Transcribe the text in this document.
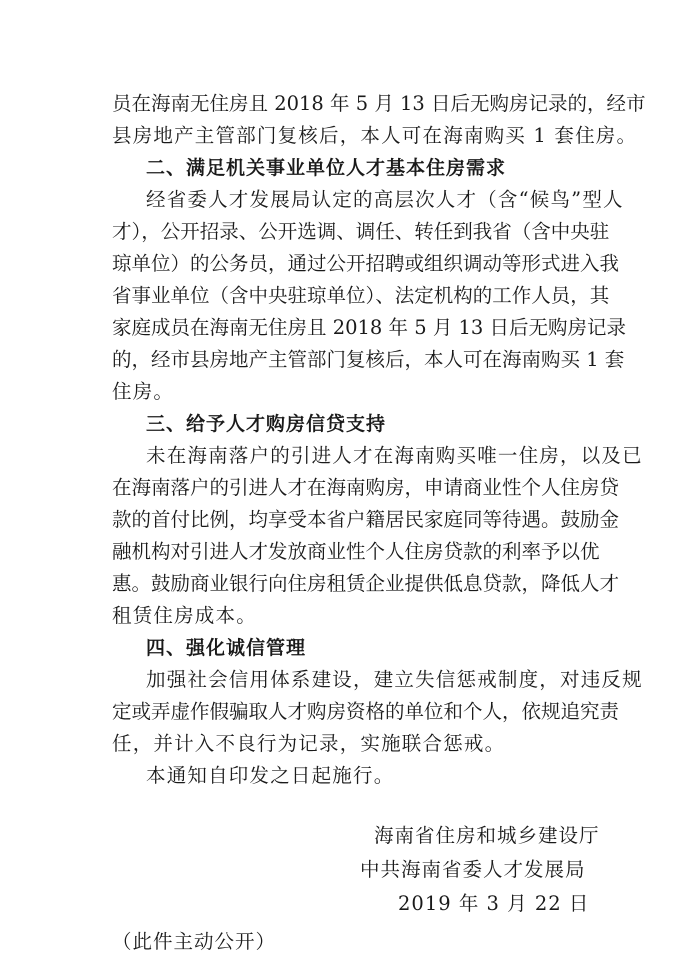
员在海南无住房且 2018 年 5 月 13 日后无购房记录的，经市

县房地产主管部门复核后，本人可在海南购买 1 套住房。

二、满足机关事业单位人才基本住房需求

经省委人才发展局认定的高层次人才（含“候鸟”型人

才），公开招录、公开选调、调任、转任到我省（含中央驻

琼单位）的公务员，通过公开招聘或组织调动等形式进入我

省事业单位（含中央驻琼单位）、法定机构的工作人员，其

家庭成员在海南无住房且 2018 年 5 月 13 日后无购房记录

的，经市县房地产主管部门复核后，本人可在海南购买 1 套

住房。

三、给予人才购房信贷支持

未在海南落户的引进人才在海南购买唯一住房，以及已

在海南落户的引进人才在海南购房，申请商业性个人住房贷

款的首付比例，均享受本省户籍居民家庭同等待遇。鼓励金

融机构对引进人才发放商业性个人住房贷款的利率予以优

惠。鼓励商业银行向住房租赁企业提供低息贷款，降低人才

租赁住房成本。

四、强化诚信管理

加强社会信用体系建设，建立失信惩戒制度，对违反规

定或弄虚作假骗取人才购房资格的单位和个人，依规追究责

任，并计入不良行为记录，实施联合惩戒。

本通知自印发之日起施行。

海南省住房和城乡建设厅

中共海南省委人才发展局

2019 年 3 月 22 日

（此件主动公开）
